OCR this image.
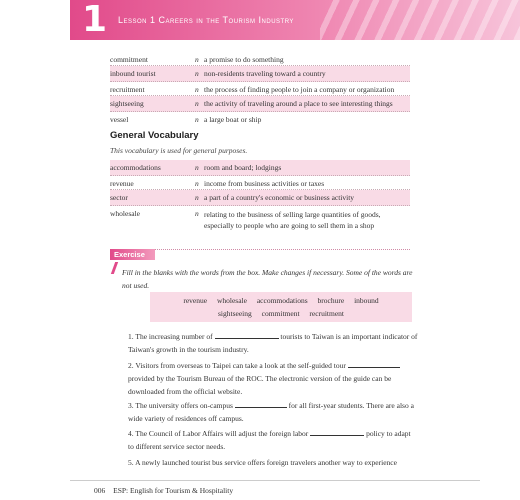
1 Lesson 1 Careers in the Tourism Industry
commitment	n a promise to do something
inbound tourist	n non-residents traveling toward a country
recruitment	n the process of finding people to join a company or organization
sightseeing	n the activity of traveling around a place to see interesting things
vessel	n a large boat or ship
General Vocabulary
This vocabulary is used for general purposes.
accommodations	n room and board; lodgings
revenue	n income from business activities or taxes
sector	n a part of a country's economic or business activity
wholesale	n relating to the business of selling large quantities of goods, especially to people who are going to sell them in a shop
Exercise
Fill in the blanks with the words from the box. Make changes if necessary. Some of the words are not used.
revenue wholesale accommodations brochure inbound
sightseeing commitment recruitment
1. The increasing number of	tourists to Taiwan is an important indicator of Taiwan's growth in the tourism industry.
2. Visitors from overseas to Taipei can take a look at the self-guided tour  provided by the Tourism Bureau of the ROC. The electronic version of the guide can be downloaded from the official website.
3. The university offers on-campus	for all first-year students. There are also a wide variety of residences off campus.
4. The Council of Labor Affairs will adjust the foreign labor	policy to adapt to different service sector needs.
5. A newly launched tourist bus service offers foreign travelers another way to experience
006 ESP: English for Tourism & Hospitality
